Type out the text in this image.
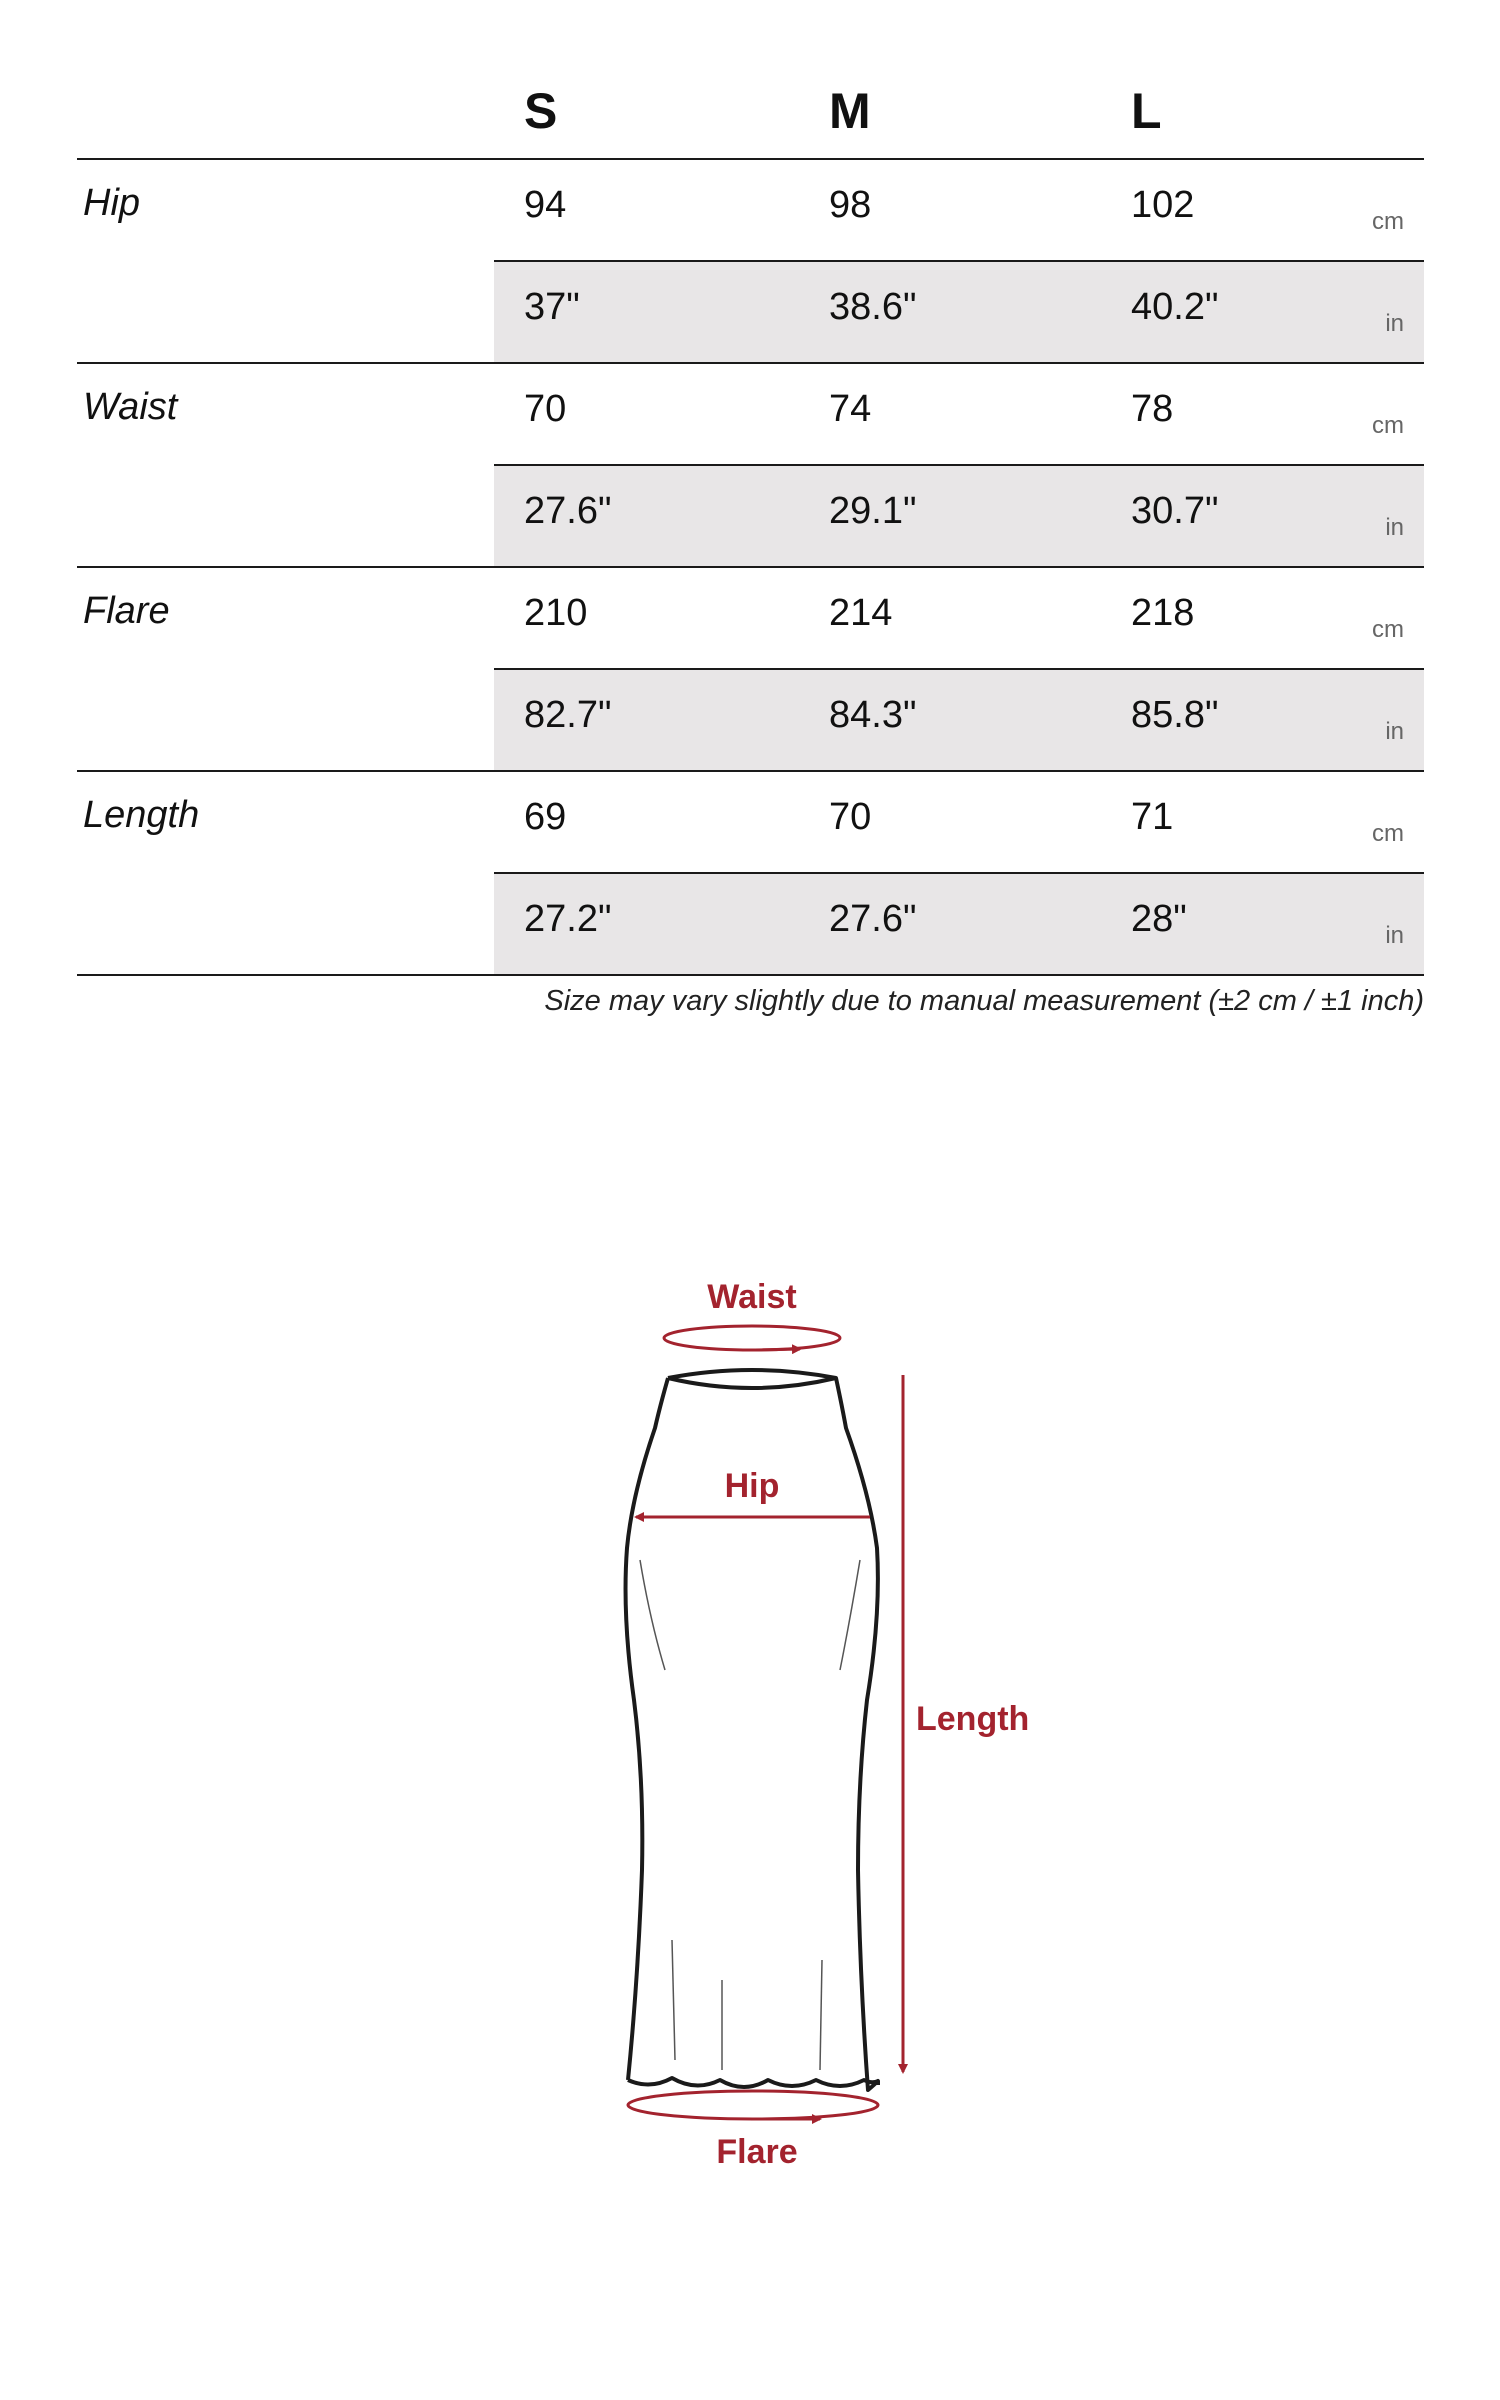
S	M	L
Hip	94	98	102	cm
37"	38.6"	40.2"	in
Waist	70	74	78	cm
27.6"	29.1"	30.7"	in
Flare	210	214	218	cm
82.7"	84.3"	85.8"	in
Length	69	70	71	cm
27.2"	27.6"	28"	in
Size may vary slightly due to manual measurement (±2 cm / ±1 inch)
Waist
Hip
Length
Flare
